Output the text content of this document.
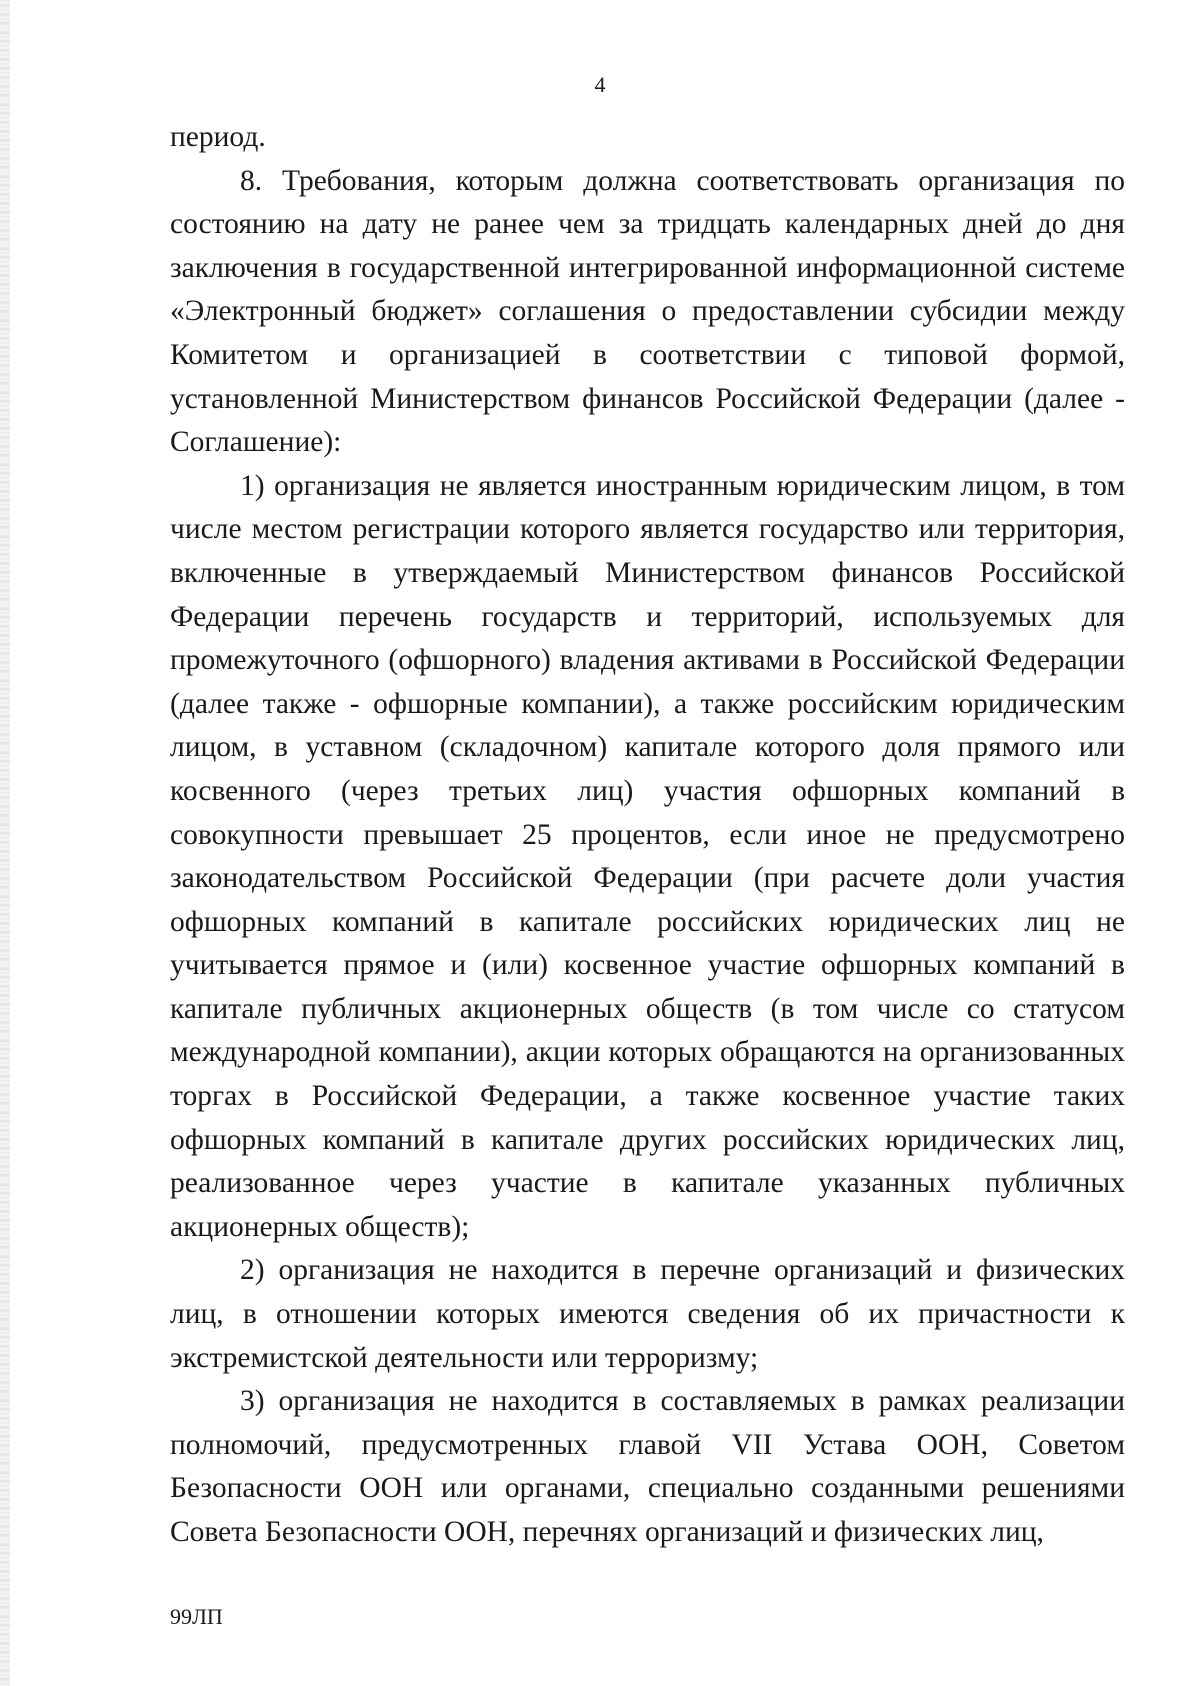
4

период.

8. Требования, которым должна соответствовать организация по состоянию на дату не ранее чем за тридцать календарных дней до дня заключения в государственной интегрированной информационной системе «Электронный бюджет» соглашения о предоставлении субсидии между Комитетом и организацией в соответствии с типовой формой, установленной Министерством финансов Российской Федерации (далее - Соглашение):

1) организация не является иностранным юридическим лицом, в том числе местом регистрации которого является государство или территория, включенные в утверждаемый Министерством финансов Российской Федерации перечень государств и территорий, используемых для промежуточного (офшорного) владения активами в Российской Федерации (далее также - офшорные компании), а также российским юридическим лицом, в уставном (складочном) капитале которого доля прямого или косвенного (через третьих лиц) участия офшорных компаний в совокупности превышает 25 процентов, если иное не предусмотрено законодательством Российской Федерации (при расчете доли участия офшорных компаний в капитале российских юридических лиц не учитывается прямое и (или) косвенное участие офшорных компаний в капитале публичных акционерных обществ (в том числе со статусом международной компании), акции которых обращаются на организованных торгах в Российской Федерации, а также косвенное участие таких офшорных компаний в капитале других российских юридических лиц, реализованное через участие в капитале указанных публичных акционерных обществ);

2) организация не находится в перечне организаций и физических лиц, в отношении которых имеются сведения об их причастности к экстремистской деятельности или терроризму;

3) организация не находится в составляемых в рамках реализации полномочий, предусмотренных главой VII Устава ООН, Советом Безопасности ООН или органами, специально созданными решениями Совета Безопасности ООН, перечнях организаций и физических лиц,

99ЛП
